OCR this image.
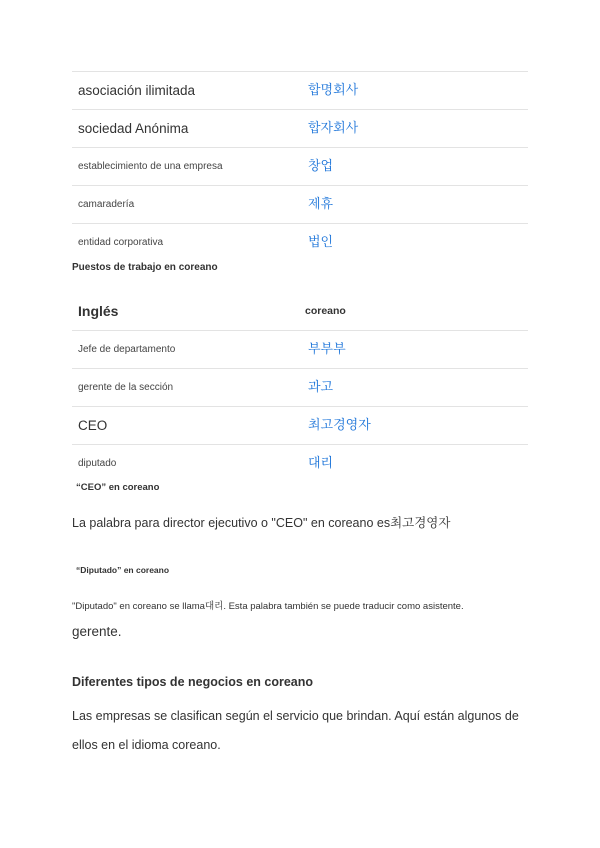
asociación ilimitada	합명회사
sociedad Anónima	합자회사
establecimiento de una empresa	창업
camaradería	제휴
entidad corporativa	법인
Puestos de trabajo en coreano
Inglés	coreano
Jefe de departamento	부부부
gerente de la sección	과고
CEO	최고경영자
diputado	대리
“CEO” en coreano
La palabra para director ejecutivo o "CEO" en coreano es최고경영자
“Diputado” en coreano
"Diputado" en coreano se llama대리. Esta palabra también se puede traducir como asistente.
gerente.
Diferentes tipos de negocios en coreano
Las empresas se clasifican según el servicio que brindan. Aquí están algunos de
ellos en el idioma coreano.
